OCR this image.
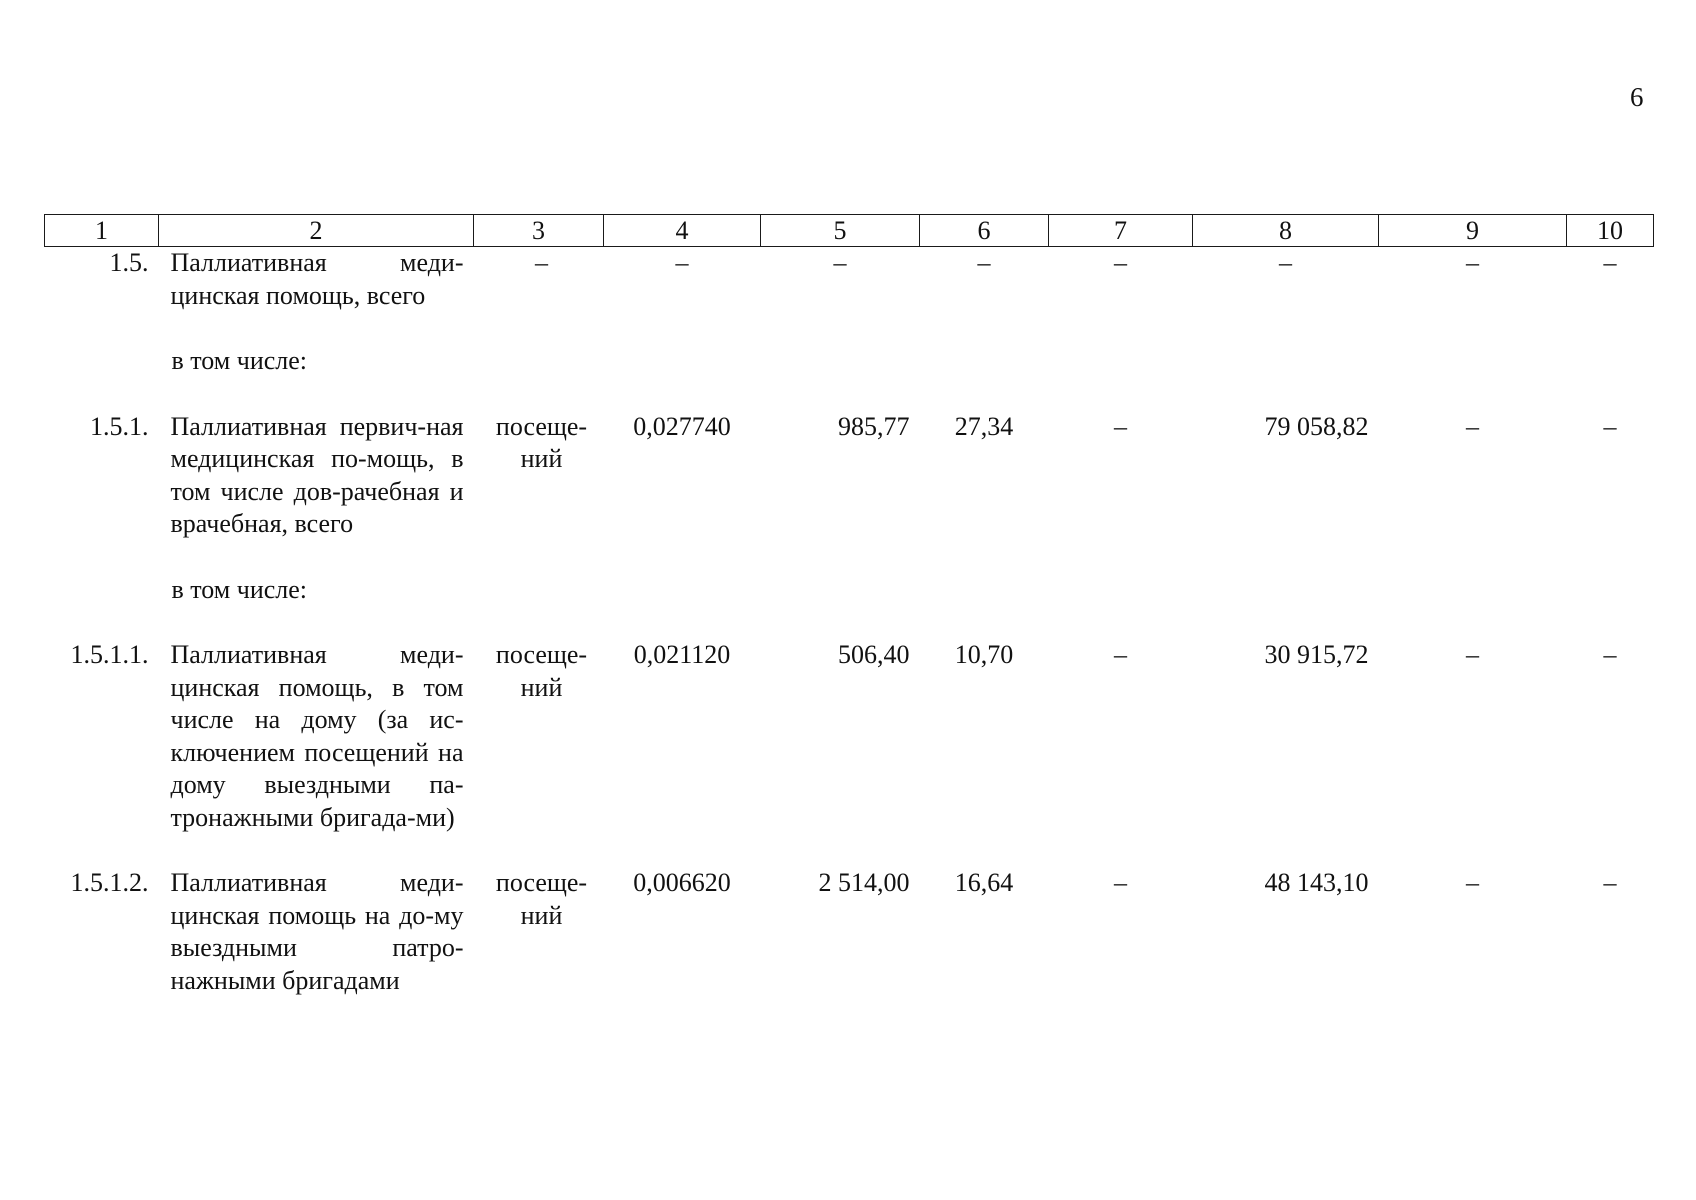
6
1	2	3	4	5	6	7	8	9	10
1.5.	Паллиативная меди-цинская помощь, всего	–	–	–	–	–	–	–	–

в том числе:									

1.5.1.	Паллиативная первич-ная медицинская по-мощь, в том числе дов-рачебная и врачебная, всего	посеще-ний	0,027740	985,77	27,34	–	79 058,82	–	–

в том числе:									

1.5.1.1.	Паллиативная меди-цинская помощь, в том числе на дому (за ис-ключением посещений на дому выездными па-тронажными бригада-ми)	посеще-ний	0,021120	506,40	10,70	–	30 915,72	–	–

1.5.1.2.	Паллиативная меди-цинская помощь на до-му выездными патро-нажными бригадами	посеще-ний	0,006620	2 514,00	16,64	–	48 143,10	–	–
